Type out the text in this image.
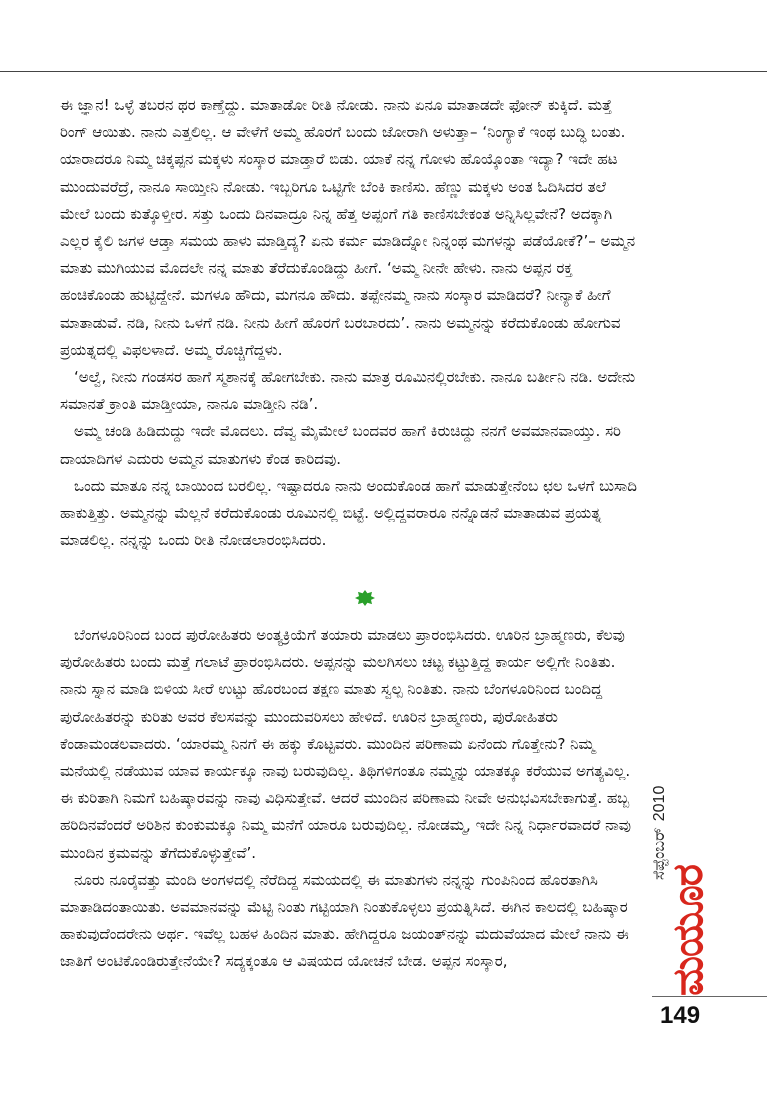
ಈ ಜ್ಞಾನ! ಒಳ್ಳೆ ತಬರನ ಥರ ಕಾಣ್ತೆದ್ದು. ಮಾತಾಡೋ ರೀತಿ ನೋಡು. ನಾನು ಏನೂ ಮಾತಾಡದೇ ಫೋನ್ ಕುಕ್ಕಿದೆ. ಮತ್ತೆ ರಿಂಗ್ ಆಯಿತು. ನಾನು ಎತ್ತಲಿಲ್ಲ. ಆ ವೇಳೆಗೆ ಅಮ್ಮ ಹೊರಗೆ ಬಂದು ಜೋರಾಗಿ ಅಳುತ್ತಾ– ‘ನಿಂಗ್ಯಾಕೆ ಇಂಥ ಬುದ್ಧಿ ಬಂತು. ಯಾರಾದರೂ ನಿಮ್ಮ ಚಿಕ್ಕಪ್ಪನ ಮಕ್ಕಳು ಸಂಸ್ಕಾರ ಮಾಡ್ತಾರೆ ಬಿಡು. ಯಾಕೆ ನನ್ನ ಗೋಳು ಹೊಯ್ಕೊಂತಾ ಇದ್ಯಾ? ಇದೇ ಹಟ ಮುಂದುವರೆದ್ರೆ, ನಾನೂ ಸಾಯ್ತೀನಿ ನೋಡು. ಇಬ್ಬರಿಗೂ ಒಟ್ಟಿಗೇ ಬೆಂಕಿ ಕಾಣಿಸು. ಹೆಣ್ಣು ಮಕ್ಕಳು ಅಂತ ಓದಿಸಿದರ ತಲೆ ಮೇಲೆ ಬಂದು ಕುತ್ಕೊಳ್ತೀರ. ಸತ್ತು ಒಂದು ದಿನವಾದ್ರೂ ನಿನ್ನ ಹೆತ್ತ ಅಪ್ಪಂಗೆ ಗತಿ ಕಾಣಿಸಬೇಕಂತ ಅನ್ನಿಸಿಲ್ಲವೇನೆ? ಅದಕ್ಕಾಗಿ ಎಲ್ಲರ ಕೈಲಿ ಜಗಳ ಆಡ್ತಾ ಸಮಯ ಹಾಳು ಮಾಡ್ತಿದ್ಯ? ಏನು ಕರ್ಮ ಮಾಡಿದ್ನೋ ನಿನ್ನಂಥ ಮಗಳನ್ನು ಪಡೆಯೋಕೆ?’– ಅಮ್ಮನ ಮಾತು ಮುಗಿಯುವ ಮೊದಲೇ ನನ್ನ ಮಾತು ತೆರೆದುಕೊಂಡಿದ್ದು ಹೀಗೆ. ‘ಅಮ್ಮ ನೀನೇ ಹೇಳು. ನಾನು ಅಪ್ಪನ ರಕ್ತ ಹಂಚಿಕೊಂಡು ಹುಟ್ಟಿದ್ದೇನೆ. ಮಗಳೂ ಹೌದು, ಮಗನೂ ಹೌದು. ತಪ್ಪೇನಮ್ಮ ನಾನು ಸಂಸ್ಕಾರ ಮಾಡಿದರೆ? ನೀನ್ಯಾಕೆ ಹೀಗೆ ಮಾತಾಡುವೆ. ನಡಿ, ನೀನು ಒಳಗೆ ನಡಿ. ನೀನು ಹೀಗೆ ಹೊರಗೆ ಬರಬಾರದು’. ನಾನು ಅಮ್ಮನನ್ನು ಕರೆದುಕೊಂಡು ಹೋಗುವ ಪ್ರಯತ್ನದಲ್ಲಿ ವಿಫಲಳಾದೆ. ಅಮ್ಮ ರೊಚ್ಚಿಗೆದ್ದಳು.

‘ಅಲ್ವೆ, ನೀನು ಗಂಡಸರ ಹಾಗೆ ಸ್ಮಶಾನಕ್ಕೆ ಹೋಗಬೇಕು. ನಾನು ಮಾತ್ರ ರೂಮಿನಲ್ಲಿರಬೇಕು. ನಾನೂ ಬರ್ತೀನಿ ನಡಿ. ಅದೇನು ಸಮಾನತೆ ಕ್ರಾಂತಿ ಮಾಡ್ತೀಯಾ, ನಾನೂ ಮಾಡ್ತೀನಿ ನಡಿ’.

ಅಮ್ಮ ಚಂಡಿ ಹಿಡಿದುದ್ದು ಇದೇ ಮೊದಲು. ದೆವ್ವ ಮೈಮೇಲೆ ಬಂದವರ ಹಾಗೆ ಕಿರುಚಿದ್ದು ನನಗೆ ಅವಮಾನವಾಯ್ತು. ಸರಿ ದಾಯಾದಿಗಳ ಎದುರು ಅಮ್ಮನ ಮಾತುಗಳು ಕೆಂಡ ಕಾರಿದವು.

ಒಂದು ಮಾತೂ ನನ್ನ ಬಾಯಿಂದ ಬರಲಿಲ್ಲ. ಇಷ್ಟಾದರೂ ನಾನು ಅಂದುಕೊಂಡ ಹಾಗೆ ಮಾಡುತ್ತೇನೆಂಬ ಛಲ ಒಳಗೆ ಬುಸಾದಿ ಹಾಕುತ್ತಿತ್ತು. ಅಮ್ಮನನ್ನು ಮೆಲ್ಲನೆ ಕರೆದುಕೊಂಡು ರೂಮಿನಲ್ಲಿ ಬಿಟ್ಟೆ. ಅಲ್ಲಿದ್ದವರಾರೂ ನನ್ನೊಡನೆ ಮಾತಾಡುವ ಪ್ರಯತ್ನ ಮಾಡಲಿಲ್ಲ. ನನ್ನನ್ನು ಒಂದು ರೀತಿ ನೋಡಲಾರಂಭಿಸಿದರು.

ಬೆಂಗಳೂರಿನಿಂದ ಬಂದ ಪುರೋಹಿತರು ಅಂತ್ಯಕ್ರಿಯೆಗೆ ತಯಾರು ಮಾಡಲು ಪ್ರಾರಂಭಿಸಿದರು. ಊರಿನ ಬ್ರಾಹ್ಮಣರು, ಕೆಲವು ಪುರೋಹಿತರು ಬಂದು ಮತ್ತೆ ಗಲಾಟೆ ಪ್ರಾರಂಭಿಸಿದರು. ಅಪ್ಪನನ್ನು ಮಲಗಿಸಲು ಚಟ್ಟ ಕಟ್ಟುತ್ತಿದ್ದ ಕಾರ್ಯ ಅಲ್ಲಿಗೇ ನಿಂತಿತು. ನಾನು ಸ್ನಾನ ಮಾಡಿ ಬಿಳಿಯ ಸೀರೆ ಉಟ್ಟು ಹೊರಬಂದ ತಕ್ಷಣ ಮಾತು ಸ್ವಲ್ಪ ನಿಂತಿತು. ನಾನು ಬೆಂಗಳೂರಿನಿಂದ ಬಂದಿದ್ದ ಪುರೋಹಿತರನ್ನು ಕುರಿತು ಅವರ ಕೆಲಸವನ್ನು ಮುಂದುವರಿಸಲು ಹೇಳಿದೆ. ಊರಿನ ಬ್ರಾಹ್ಮಣರು, ಪುರೋಹಿತರು ಕೆಂಡಾಮಂಡಲವಾದರು. ‘ಯಾರಮ್ಮ ನಿನಗೆ ಈ ಹಕ್ಕು ಕೊಟ್ಟವರು. ಮುಂದಿನ ಪರಿಣಾಮ ಏನೆಂದು ಗೊತ್ತೇನು? ನಿಮ್ಮ ಮನೆಯಲ್ಲಿ ನಡೆಯುವ ಯಾವ ಕಾರ್ಯಕ್ಕೂ ನಾವು ಬರುವುದಿಲ್ಲ. ತಿಥಿಗಳಿಗಂತೂ ನಮ್ಮನ್ನು ಯಾತಕ್ಕೂ ಕರೆಯುವ ಅಗತ್ಯವಿಲ್ಲ. ಈ ಕುರಿತಾಗಿ ನಿಮಗೆ ಬಹಿಷ್ಕಾರವನ್ನು ನಾವು ವಿಧಿಸುತ್ತೇವೆ. ಆದರೆ ಮುಂದಿನ ಪರಿಣಾಮ ನೀವೇ ಅನುಭವಿಸಬೇಕಾಗುತ್ತೆ. ಹಬ್ಬ ಹರಿದಿನವೆಂದರೆ ಅರಿಶಿನ ಕುಂಕುಮಕ್ಕೂ ನಿಮ್ಮ ಮನೆಗೆ ಯಾರೂ ಬರುವುದಿಲ್ಲ. ನೋಡಮ್ಮ, ಇದೇ ನಿನ್ನ ನಿರ್ಧಾರವಾದರೆ ನಾವು ಮುಂದಿನ ಕ್ರಮವನ್ನು ತೆಗೆದುಕೊಳ್ಳುತ್ತೇವೆ’.

ನೂರು ನೂರೈವತ್ತು ಮಂದಿ ಅಂಗಳದಲ್ಲಿ ನೆರೆದಿದ್ದ ಸಮಯದಲ್ಲಿ ಈ ಮಾತುಗಳು ನನ್ನನ್ನು ಗುಂಪಿನಿಂದ ಹೊರತಾಗಿಸಿ ಮಾತಾಡಿದಂತಾಯಿತು. ಅವಮಾನವನ್ನು ಮೆಟ್ಟಿ ನಿಂತು ಗಟ್ಟಿಯಾಗಿ ನಿಂತುಕೊಳ್ಳಲು ಪ್ರಯತ್ನಿಸಿದೆ. ಈಗಿನ ಕಾಲದಲ್ಲಿ ಬಹಿಷ್ಕಾರ ಹಾಕುವುದೆಂದರೇನು ಅರ್ಥ. ಇವೆಲ್ಲ ಬಹಳ ಹಿಂದಿನ ಮಾತು. ಹೇಗಿದ್ದರೂ ಜಯಂತ್‌ನನ್ನು ಮದುವೆಯಾದ ಮೇಲೆ ನಾನು ಈ ಜಾತಿಗೆ ಅಂಟಿಕೊಂಡಿರುತ್ತೇನೆಯೇ? ಸದ್ಯಕ್ಕಂತೂ ಆ ವಿಷಯದ ಯೋಚನೆ ಬೇಡ. ಅಪ್ಪನ ಸಂಸ್ಕಾರ,

ಸೆಪ್ಟೆಂಬರ್
2010
ಮಯೂರ
149
